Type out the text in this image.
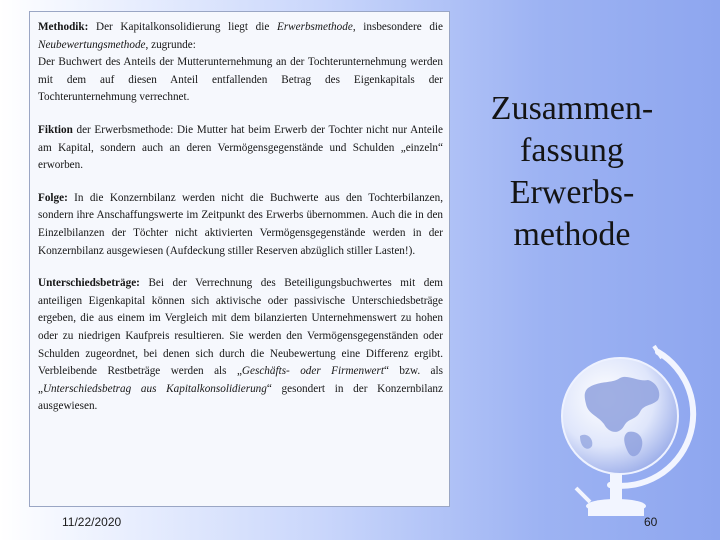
Methodik: Der Kapitalkonsolidierung liegt die Erwerbsmethode, insbesondere die Neubewertungsmethode, zugrunde:
Der Buchwert des Anteils der Mutterunternehmung an der Tochterunternehmung werden mit dem auf diesen Anteil entfallenden Betrag des Eigenkapitals der Tochterunternehmung verrechnet.

Fiktion der Erwerbsmethode: Die Mutter hat beim Erwerb der Tochter nicht nur Anteile am Kapital, sondern auch an deren Vermögensgegenstände und Schulden „einzeln“ erworben.

Folge: In die Konzernbilanz werden nicht die Buchwerte aus den Tochterbilanzen, sondern ihre Anschaffungswerte im Zeitpunkt des Erwerbs übernommen. Auch die in den Einzelbilanzen der Töchter nicht aktivierten Vermögensgegenstände werden in der Konzernbilanz ausgewiesen (Aufdeckung stiller Reserven abzüglich stiller Lasten!).

Unterschiedsbeträge: Bei der Verrechnung des Beteiligungsbuchwertes mit dem anteiligen Eigenkapital können sich aktivische oder passivische Unterschiedsbeträge ergeben, die aus einem im Vergleich mit dem bilanzierten Unternehmenswert zu hohen oder zu niedrigen Kaufpreis resultieren. Sie werden den Vermögensgegenständen oder Schulden zugeordnet, bei denen sich durch die Neubewertung eine Differenz ergibt. Verbleibende Restbeträge werden als „Geschäfts- oder Firmenwert“ bzw. als „Unterschiedsbetrag aus Kapitalkonsolidierung“ gesondert in der Konzernbilanz ausgewiesen.

Zusammen-
fassung
Erwerbs-
methode
11/22/2020	60
